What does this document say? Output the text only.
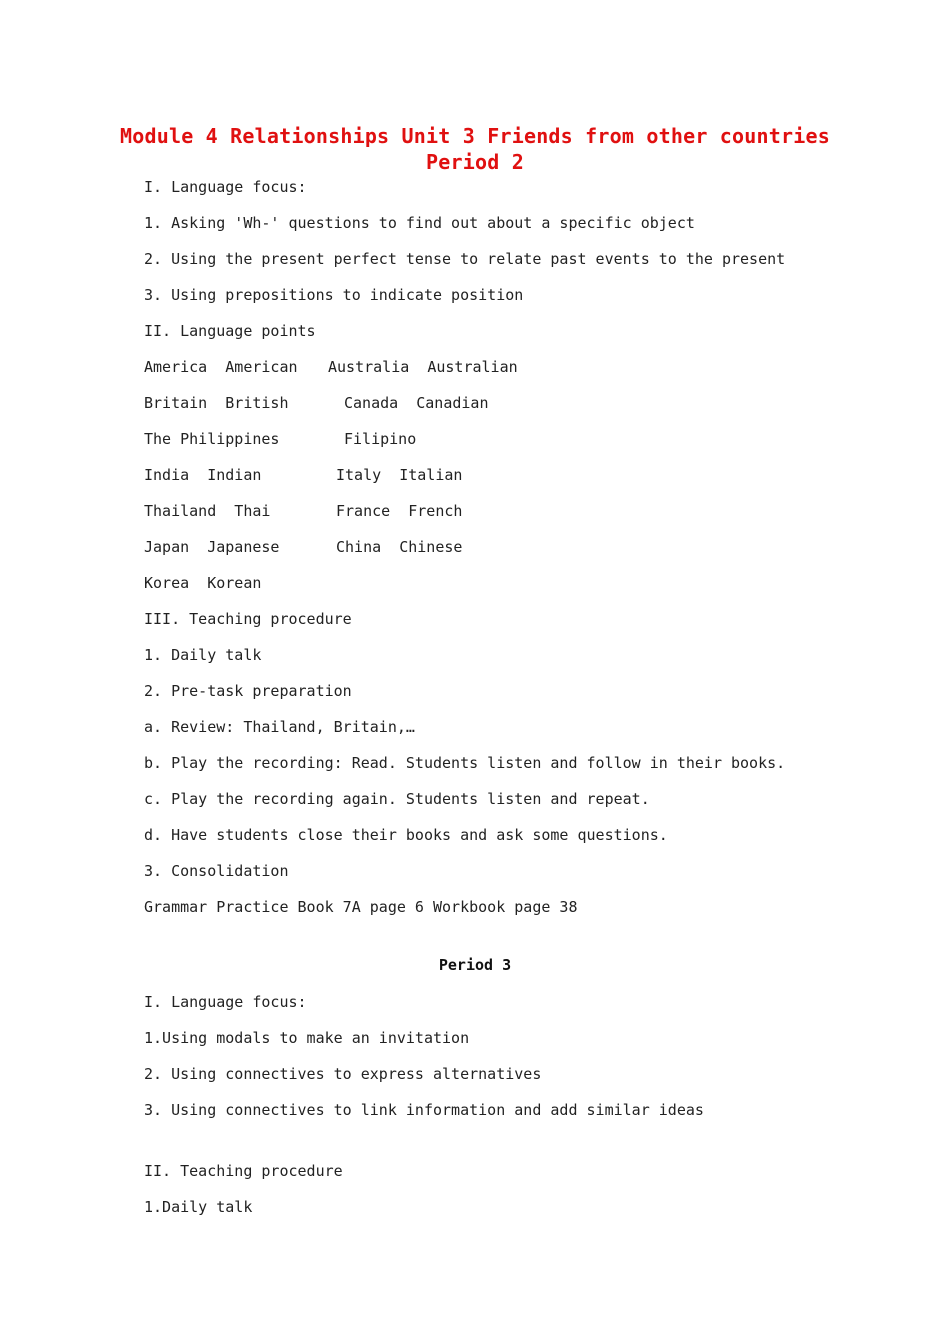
Module 4 Relationships Unit 3 Friends from other countries
Period 2
I. Language focus:
1. Asking 'Wh-' questions to find out about a specific object
2. Using the present perfect tense to relate past events to the present
3. Using prepositions to indicate position
II. Language points
America  American Australia  Australian
Britain  British	Canada  Canadian
The Philippines	Filipino
India  Indian	Italy  Italian
Thailand  Thai	France  French
Japan  Japanese	China  Chinese
Korea  Korean
III. Teaching procedure
1. Daily talk
2. Pre-task preparation
a. Review: Thailand, Britain,…
b. Play the recording: Read. Students listen and follow in their books.
c. Play the recording again. Students listen and repeat.
d. Have students close their books and ask some questions.
3. Consolidation
Grammar Practice Book 7A page 6 Workbook page 38
Period 3
I. Language focus:
1.Using modals to make an invitation
2. Using connectives to express alternatives
3. Using connectives to link information and add similar ideas
II. Teaching procedure
1.Daily talk
